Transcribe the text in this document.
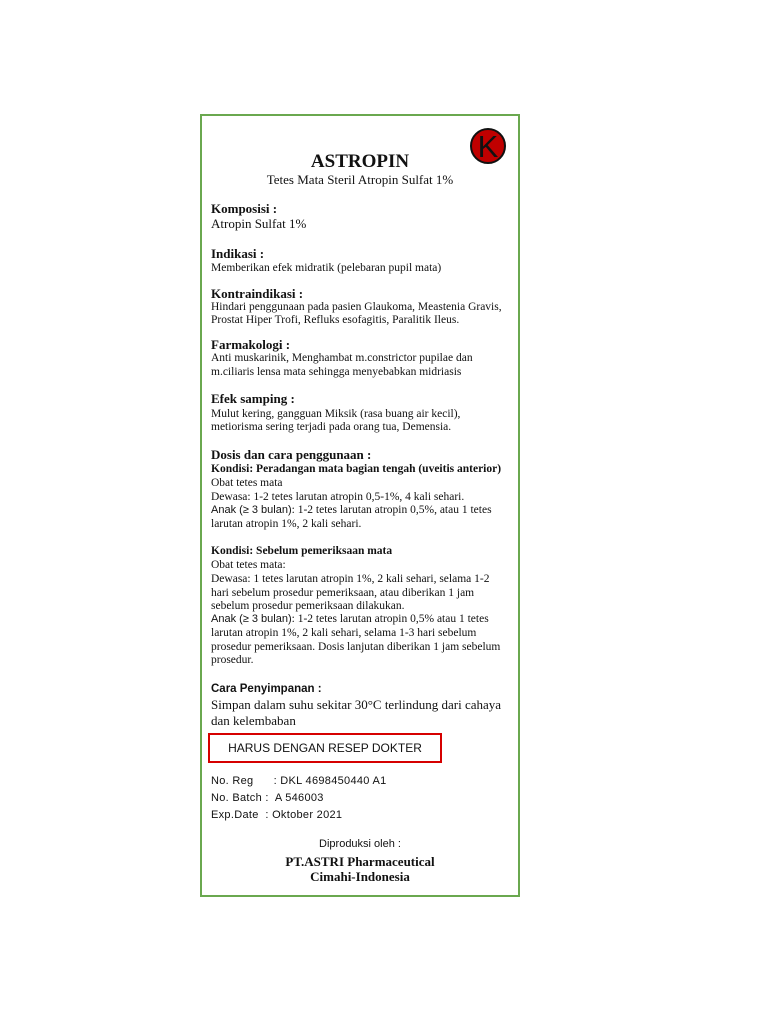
K
ASTROPIN
Tetes Mata Steril Atropin Sulfat 1%
Komposisi :
Atropin Sulfat 1%
Indikasi :
Memberikan efek midratik (pelebaran pupil mata)
Kontraindikasi :
Hindari penggunaan pada pasien Glaukoma, Meastenia Gravis,
Prostat Hiper Trofi, Refluks esofagitis, Paralitik Ileus.
Farmakologi :
Anti muskarinik, Menghambat m.constrictor pupilae dan
m.ciliaris lensa mata sehingga menyebabkan midriasis
Efek samping :
Mulut kering, gangguan Miksik (rasa buang air kecil),
metiorisma sering terjadi pada orang tua, Demensia.
Dosis dan cara penggunaan :
Kondisi: Peradangan mata bagian tengah (uveitis anterior)
Obat tetes mata
Dewasa: 1-2 tetes larutan atropin 0,5-1%, 4 kali sehari.
Anak (≥ 3 bulan): 1-2 tetes larutan atropin 0,5%, atau 1 tetes
larutan atropin 1%, 2 kali sehari.
Kondisi: Sebelum pemeriksaan mata
Obat tetes mata:
Dewasa: 1 tetes larutan atropin 1%, 2 kali sehari, selama 1-2
hari sebelum prosedur pemeriksaan, atau diberikan 1 jam
sebelum prosedur pemeriksaan dilakukan.
Anak (≥ 3 bulan): 1-2 tetes larutan atropin 0,5% atau 1 tetes
larutan atropin 1%, 2 kali sehari, selama 1-3 hari sebelum
prosedur pemeriksaan. Dosis lanjutan diberikan 1 jam sebelum
prosedur.
Cara Penyimpanan :
Simpan dalam suhu sekitar 30°C terlindung dari cahaya
dan kelembaban
HARUS DENGAN RESEP DOKTER
No. Reg      : DKL 4698450440 A1
No. Batch :  A 546003
Exp.Date  : Oktober 2021
Diproduksi oleh :
PT.ASTRI Pharmaceutical
Cimahi-Indonesia
